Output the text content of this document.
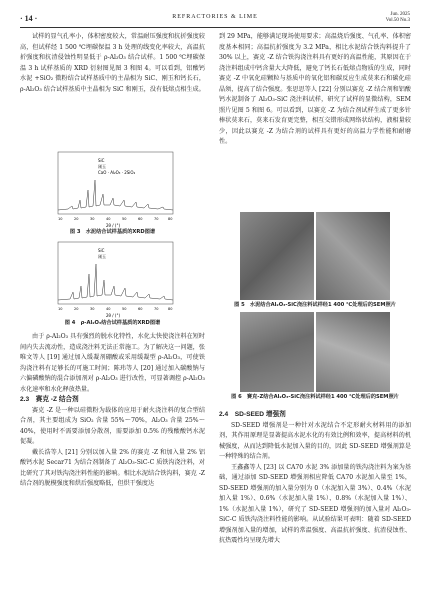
· 14 ·	REFRACTORIES & LIME	Jun. 2025
Vol.50 No.3

试样的显气孔率小，体积密度较大，常温耐压强度和抗折强度较高，但试样经 1 500 ℃埋碳保温 3 h 处理的线变化率较大，高温抗折强度和抗渣侵蚀性明显低于 ρ-Al₂O₃ 结合试样。1 500 ℃埋碳保温 3 h 试样基质的 XRD 衍射图见图 3 和图 4。可以看到，铝酸钙水泥 +SiO₂ 微粉结合试样基质中的主晶相为 SiC、刚玉和钙长石，ρ-Al₂O₃ 结合试样基质中主晶相为 SiC 和刚玉，没有低熔点相生成。

SiC
刚玉
CaO · Al₂O₃ · 2SiO₂
10	20	30	40	50	60	70	80
2θ / (°)
图 3　水泥结合试样基质的XRD图谱
SiC
刚玉
10	20	30	40	50	60	70	80
2θ / (°)
图 4　ρ-Al₂O₃结合试样基质的XRD图谱

由于 ρ-Al₂O₃ 具有强烈的脱水化特性，水化太快使浇注料在短时间内失去流动性，造成浇注料无法正常施工。为了解决这一问题，张唯文等人 [19] 通过加入缓凝剂硼酸或采用缓凝型 ρ-Al₂O₃，可使铁沟浇注料有足够长的可施工时间；陈玮等人 [20] 通过加入碳酸钠与六偏磷酸钠的混合添加剂对 ρ-Al₂O₃ 进行改性，可显著调控 ρ-Al₂O₃ 水化速率和水化释放热量。

2.3　赛克 -Z 结合剂

赛克 -Z 是一种以硅微粉为载体的应用于耐火浇注料的复合型结合剂，其主要组成为 SiO₂ 含量 55%～70%，Al₂O₃ 含量 25%～40%，使用时不需要添加分散剂，需要添加 0.5% 的残酸酸钙水泥促凝。

戴长浩等人 [21] 分别以加入量 2% 的赛克 -Z 和加入量 2% 铝酸钙水泥 Secar71 为结合剂制备了 Al₂O₃-SiC-C 质铁沟浇注料，对比研究了其对铁沟浇注料性能的影响。相比水泥结合铁沟料，赛克 -Z 结合剂的脱模强度和烘后强度略低，但烘干强度达

到 29 MPa，能够满足现场使用要求；高温烧后强度、气孔率、体积密度基本相同；高温抗折强度为 3.2 MPa，相比水泥结合铁沟料提升了 30% 以上，赛克 -Z 结合铁沟浇注料具有更好的高温性能，其原因在于浇注料组成中钙含量大大降低，避免了钙长石低熔点物质的生成，同时赛克 -Z 中氧化硅颗粒与基质中的氧化铝和碳反应生成莫来石和碳化硅晶须，提高了结合强度。张思思等人 [22] 分别以赛克 -Z 结合剂和铝酸钙水泥制备了 Al₂O₃-SiC 浇注料试样，研究了试样的显微结构，SEM 照片见图 5 和图 6。可以看到，以赛克 -Z 为结合剂试样生成了更多针棒状莫来石，莫来石发育更完整，相互交错形成网络状结构，液相量较少，因此以赛克 -Z 为结合剂的试样具有更好的高温力学性能和耐磨性。

图 5　水泥结合Al₂O₃-SiC浇注料试样经1 400 ℃处理后的SEM照片
图 6　赛克-Z结合Al₂O₃-SiC浇注料试样经1 400 ℃处理后的SEM照片
2.4　SD-SEED 增强剂

SD-SEED 增强剂是一种针对水泥结合不定形耐火材料用的添加剂，其作用原理是显著提高水泥水化的有效比例和效率，提高材料的机械强度，从而达到降低水泥加入量的目的，因此 SD-SEED 增强剂算是一种特殊的结合剂。

王鑫鑫等人 [23] 以 CA70 水泥 3% 添加量的铁沟浇注料为案为基础，通过添加 SD-SEED 增强剂相应降低 CA70 水泥加入量至 1%，SD-SEED 增强剂的加入量分别为 0（水泥加入量 3%）、0.4%（水泥加入量 1%）、0.6%（水泥加入量 1%）、0.8%（水泥加入量 1%）、1%（水泥加入量 1%），研究了 SD-SEED 增强剂的加入量对 Al₂O₃-SiC-C 质铁沟浇注料性能的影响。从试验结果可表明：随着 SD-SEED 增强剂加入量的增加，试样的常温强度、高温抗折强度、抗渣侵蚀性、抗热震性均呈现先增大
